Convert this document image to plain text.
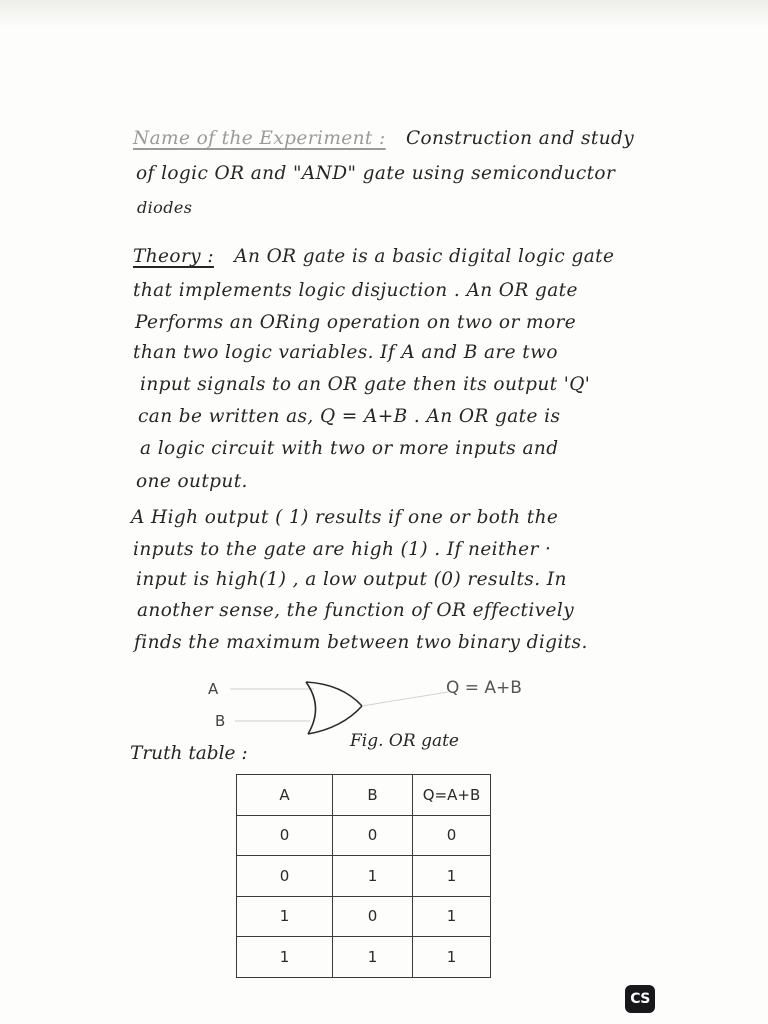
Name of the Experiment : Construction and study
of logic OR and "AND" gate using semiconductor
diodes
Theory : An OR gate is a basic digital logic gate
that implements logic disjuction . An OR gate
Performs an ORing operation on two or more
than two logic variables. If A and B are two
input signals to an OR gate then its output 'Q'
can be written as, Q = A+B . An OR gate is
a logic circuit with two or more inputs and
one output.
A High output ( 1) results if one or both the
inputs to the gate are high (1) . If neither ·
input is high(1) , a low output (0) results. In
another sense, the function of OR effectively
finds the maximum between two binary digits.
A
B
Q = A+B
Fig. OR gate
Truth table :
A	B	Q=A+B
0	0	0
0	1	1
1	0	1
1	1	1
CS
